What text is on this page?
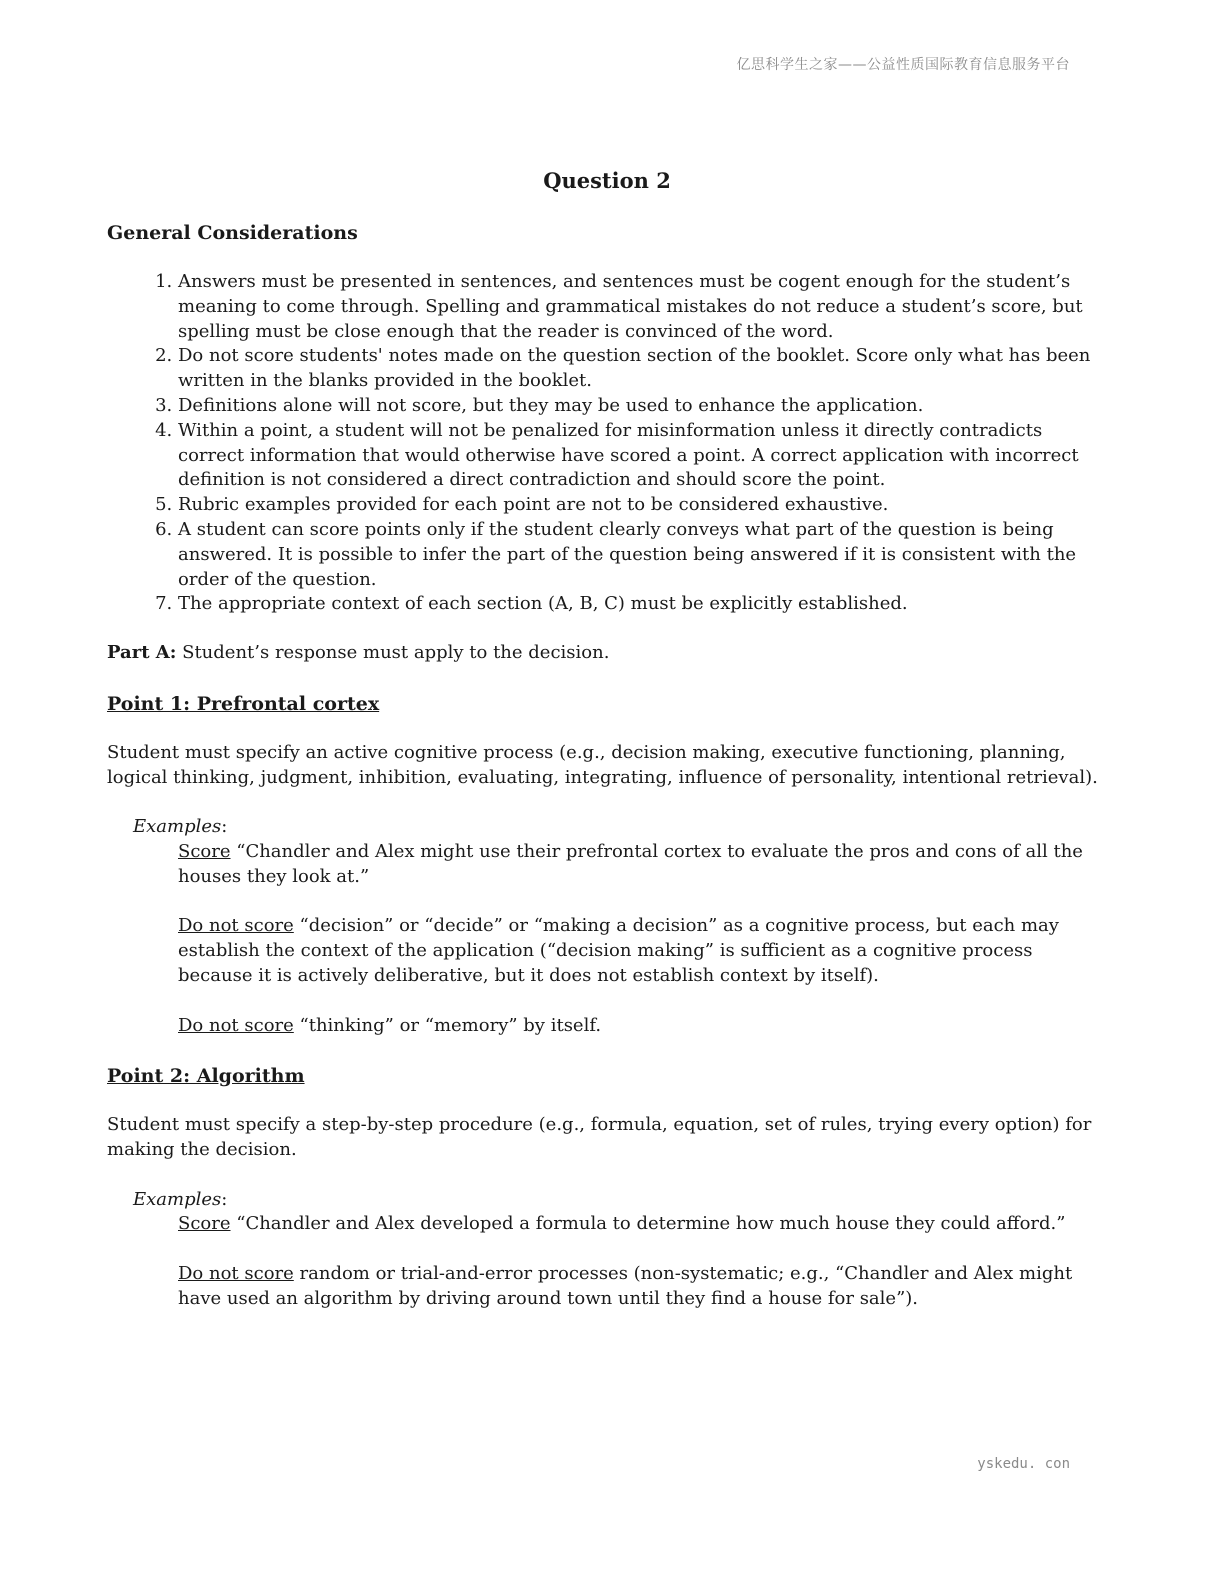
亿思科学生之家——公益性质国际教育信息服务平台
Question 2
General Considerations
1. Answers must be presented in sentences, and sentences must be cogent enough for the student’s meaning to come through. Spelling and grammatical mistakes do not reduce a student’s score, but spelling must be close enough that the reader is convinced of the word.
2. Do not score students' notes made on the question section of the booklet. Score only what has been written in the blanks provided in the booklet.
3. Definitions alone will not score, but they may be used to enhance the application.
4. Within a point, a student will not be penalized for misinformation unless it directly contradicts correct information that would otherwise have scored a point. A correct application with incorrect definition is not considered a direct contradiction and should score the point.
5. Rubric examples provided for each point are not to be considered exhaustive.
6. A student can score points only if the student clearly conveys what part of the question is being answered. It is possible to infer the part of the question being answered if it is consistent with the order of the question.
7. The appropriate context of each section (A, B, C) must be explicitly established.

Part A: Student’s response must apply to the decision.

Point 1: Prefrontal cortex

Student must specify an active cognitive process (e.g., decision making, executive functioning, planning, logical thinking, judgment, inhibition, evaluating, integrating, influence of personality, intentional retrieval).

Examples:
Score “Chandler and Alex might use their prefrontal cortex to evaluate the pros and cons of all the houses they look at.”
Do not score “decision” or “decide” or “making a decision” as a cognitive process, but each may establish the context of the application (“decision making” is sufficient as a cognitive process because it is actively deliberative, but it does not establish context by itself).
Do not score “thinking” or “memory” by itself.
Point 2: Algorithm

Student must specify a step-by-step procedure (e.g., formula, equation, set of rules, trying every option) for making the decision.

Examples:
Score “Chandler and Alex developed a formula to determine how much house they could afford.”
Do not score random or trial-and-error processes (non-systematic; e.g., “Chandler and Alex might have used an algorithm by driving around town until they find a house for sale”).
yskedu. con
